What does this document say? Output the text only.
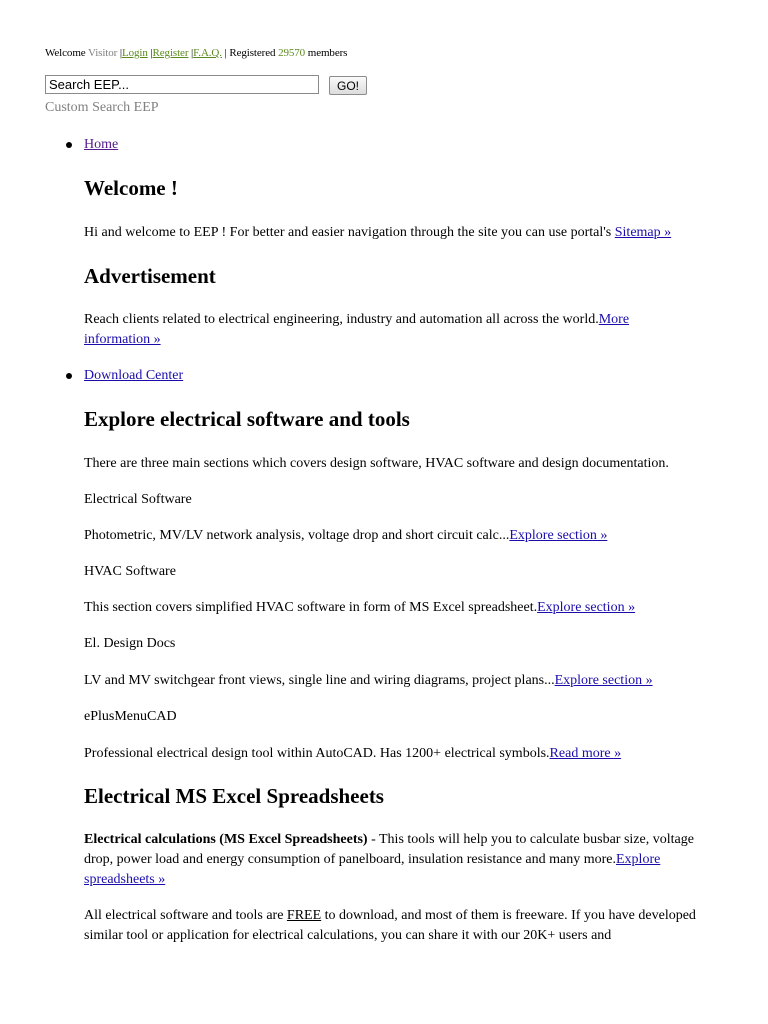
Welcome Visitor |Login |Register |F.A.Q. | Registered 29570 members
Search EEP...
GO!
Custom Search EEP
Home
Welcome !
Hi and welcome to EEP ! For better and easier navigation through the site you can use portal's Sitemap »
Advertisement
Reach clients related to electrical engineering, industry and automation all across the world.More information »
Download Center
Explore electrical software and tools
There are three main sections which covers design software, HVAC software and design documentation.
Electrical Software
Photometric, MV/LV network analysis, voltage drop and short circuit calc...Explore section »
HVAC Software
This section covers simplified HVAC software in form of MS Excel spreadsheet.Explore section »
El. Design Docs
LV and MV switchgear front views, single line and wiring diagrams, project plans...Explore section »
ePlusMenuCAD
Professional electrical design tool within AutoCAD. Has 1200+ electrical symbols.Read more »
Electrical MS Excel Spreadsheets
Electrical calculations (MS Excel Spreadsheets) - This tools will help you to calculate busbar size, voltage drop, power load and energy consumption of panelboard, insulation resistance and many more.Explore spreadsheets »
All electrical software and tools are FREE to download, and most of them is freeware. If you have developed similar tool or application for electrical calculations, you can share it with our 20K+ users and
